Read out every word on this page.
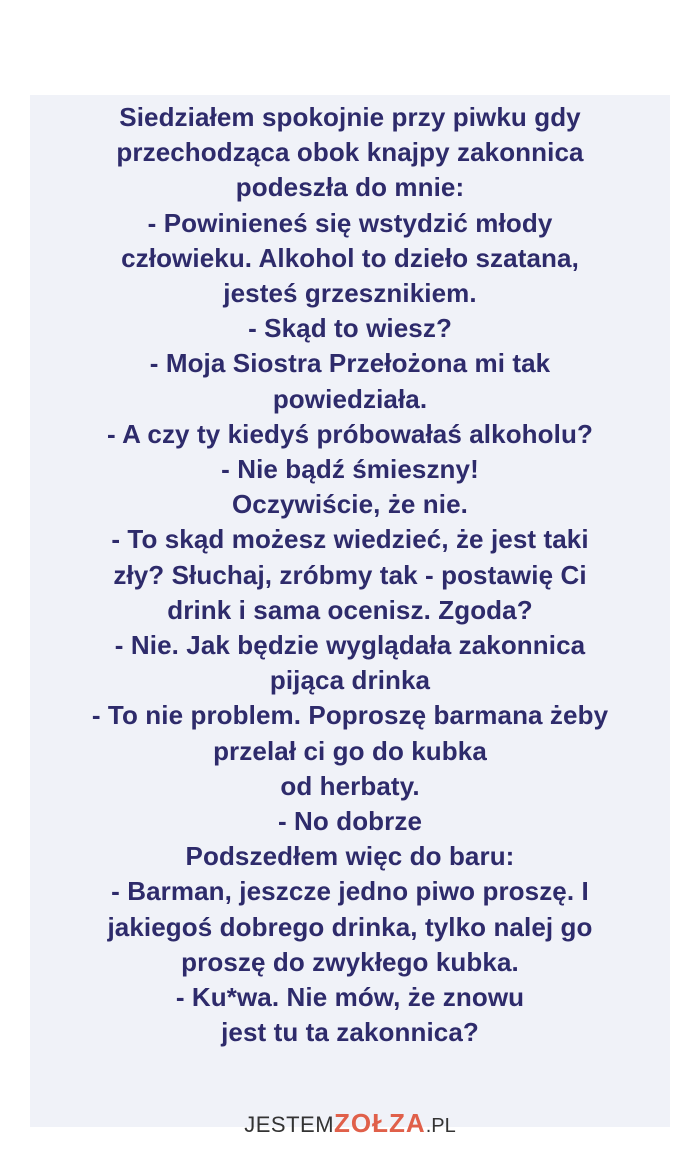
Siedziałem spokojnie przy piwku gdy
przechodząca obok knajpy zakonnica
podeszła do mnie:
- Powinieneś się wstydzić młody
człowieku. Alkohol to dzieło szatana,
jesteś grzesznikiem.
- Skąd to wiesz?
- Moja Siostra Przełożona mi tak
powiedziała.
- A czy ty kiedyś próbowałaś alkoholu?
- Nie bądź śmieszny!
Oczywiście, że nie.
- To skąd możesz wiedzieć, że jest taki
zły? Słuchaj, zróbmy tak - postawię Ci
drink i sama ocenisz. Zgoda?
- Nie. Jak będzie wyglądała zakonnica
pijąca drinka
- To nie problem. Poproszę barmana żeby
przelał ci go do kubka
od herbaty.
- No dobrze
Podszedłem więc do baru:
- Barman, jeszcze jedno piwo proszę. I
jakiegoś dobrego drinka, tylko nalej go
proszę do zwykłego kubka.
- Ku*wa. Nie mów, że znowu
jest tu ta zakonnica?
JESTEMZOŁZA.PL
